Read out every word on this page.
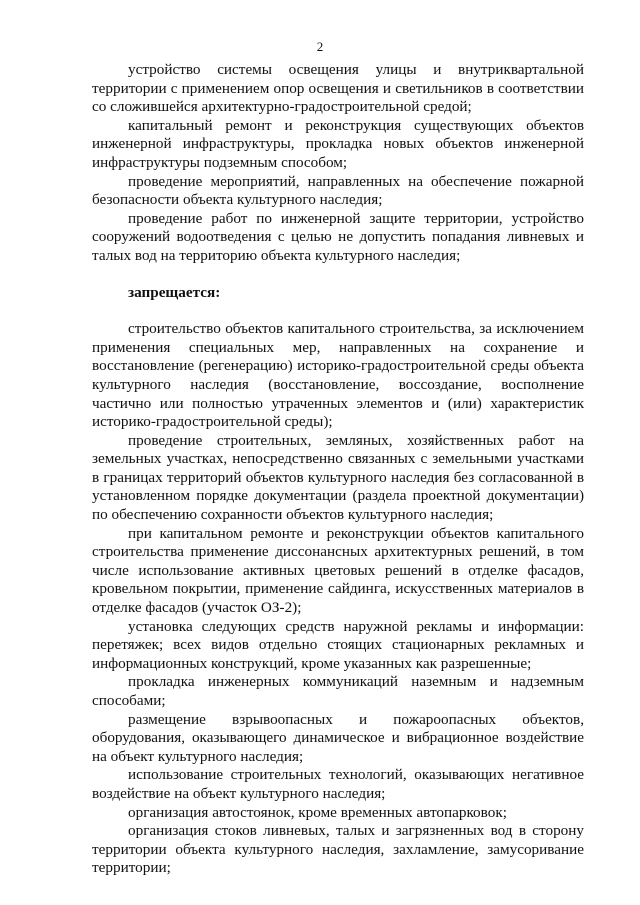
2

устройство системы освещения улицы и внутриквартальной территории с применением опор освещения и светильников в соответствии со сложившейся архитектурно-градостроительной средой;

капитальный ремонт и реконструкция существующих объектов инженерной инфраструктуры, прокладка новых объектов инженерной инфраструктуры подземным способом;

проведение мероприятий, направленных на обеспечение пожарной безопасности объекта культурного наследия;

проведение работ по инженерной защите территории, устройство сооружений водоотведения с целью не допустить попадания ливневых и талых вод на территорию объекта культурного наследия;

запрещается:

строительство объектов капитального строительства, за исключением применения специальных мер, направленных на сохранение и восстановление (регенерацию) историко-градостроительной среды объекта культурного наследия (восстановление, воссоздание, восполнение частично или полностью утраченных элементов и (или) характеристик историко-градостроительной среды);

проведение строительных, земляных, хозяйственных работ на земельных участках, непосредственно связанных с земельными участками в границах территорий объектов культурного наследия без согласованной в установленном порядке документации (раздела проектной документации) по обеспечению сохранности объектов культурного наследия;

при капитальном ремонте и реконструкции объектов капитального строительства применение диссонансных архитектурных решений, в том числе использование активных цветовых решений в отделке фасадов, кровельном покрытии, применение сайдинга, искусственных материалов в отделке фасадов (участок ОЗ-2);

установка следующих средств наружной рекламы и информации: перетяжек; всех видов отдельно стоящих стационарных рекламных и информационных конструкций, кроме указанных как разрешенные;

прокладка инженерных коммуникаций наземным и надземным способами;

размещение взрывоопасных и пожароопасных объектов, оборудования, оказывающего динамическое и вибрационное воздействие на объект культурного наследия;

использование строительных технологий, оказывающих негативное воздействие на объект культурного наследия;

организация автостоянок, кроме временных автопарковок;

организация стоков ливневых, талых и загрязненных вод в сторону территории объекта культурного наследия, захламление, замусоривание территории;
